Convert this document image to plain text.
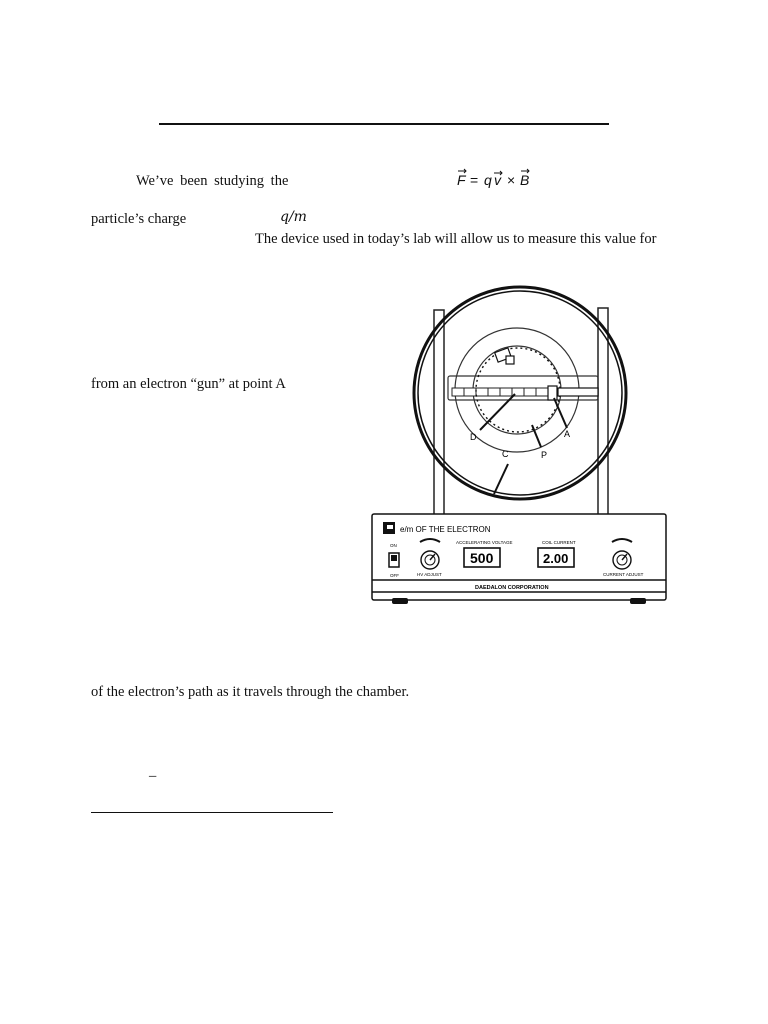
We’ve been studying the	F = q v × B
particle’s charge	q/m
The device used in today’s lab will allow us to measure this value for
from an electron “gun” at point A
D	A
P
C
e/m OF THE ELECTRON
ON
OFF	HV ADJUST
ACCELERATING VOLTAGE
500
COIL CURRENT
2.00
CURRENT ADJUST
DAEDALON CORPORATION
of the electron’s path as it travels through the chamber.
–
